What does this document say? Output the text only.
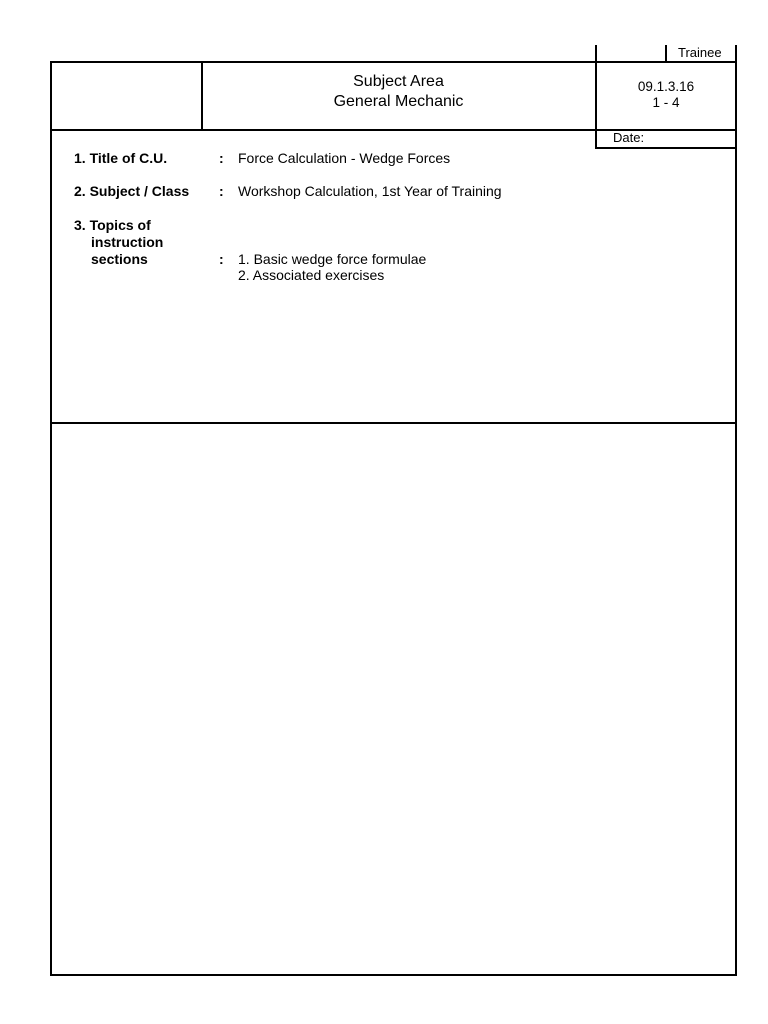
Trainee
Subject Area
General Mechanic
09.1.3.16
1 - 4
Date:
1. Title of C.U.	: Force Calculation - Wedge Forces
2. Subject / Class : Workshop Calculation, 1st Year of Training
3. Topics of
instruction
sections	: 1. Basic wedge force formulae
2. Associated exercises
